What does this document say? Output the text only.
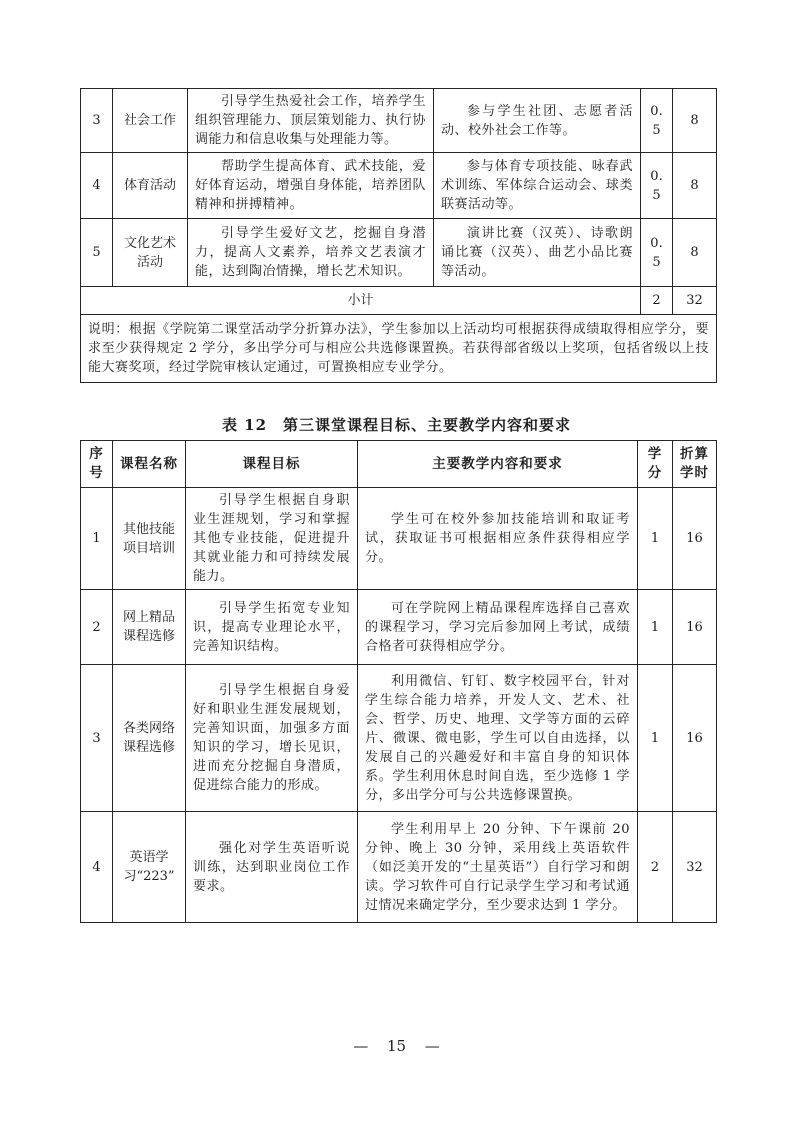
3	社会工作	引导学生热爱社会工作，培养学生组织管理能力、顶层策划能力、执行协调能力和信息收集与处理能力等。	参与学生社团、志愿者活动、校外社会工作等。	0.5	8
4	体育活动	帮助学生提高体育、武术技能，爱好体育运动，增强自身体能，培养团队精神和拼搏精神。	参与体育专项技能、咏春武术训练、军体综合运动会、球类联赛活动等。	0.5	8
5	文化艺术活动	引导学生爱好文艺，挖掘自身潜力，提高人文素养，培养文艺表演才能，达到陶冶情操，增长艺术知识。	演讲比赛（汉英）、诗歌朗诵比赛（汉英）、曲艺小品比赛等活动。	0.5	8
小计				2	32
说明：根据《学院第二课堂活动学分折算办法》，学生参加以上活动均可根据获得成绩取得相应学分，要求至少获得规定 2 学分，多出学分可与相应公共选修课置换。若获得部省级以上奖项，包括省级以上技能大赛奖项，经过学院审核认定通过，可置换相应专业学分。					
表 12　第三课堂课程目标、主要教学内容和要求
序号	课程名称	课程目标	主要教学内容和要求	学分	折算学时
1	其他技能项目培训	引导学生根据自身职业生涯规划，学习和掌握其他专业技能，促进提升其就业能力和可持续发展能力。	学生可在校外参加技能培训和取证考试，获取证书可根据相应条件获得相应学分。	1	16
2	网上精品课程选修	引导学生拓宽专业知识，提高专业理论水平，完善知识结构。	可在学院网上精品课程库选择自己喜欢的课程学习，学习完后参加网上考试，成绩合格者可获得相应学分。	1	16
3	各类网络课程选修	引导学生根据自身爱好和职业生涯发展规划，完善知识面，加强多方面知识的学习，增长见识，进而充分挖掘自身潜质，促进综合能力的形成。	利用微信、钉钉、数字校园平台，针对学生综合能力培养，开发人文、艺术、社会、哲学、历史、地理、文学等方面的云碎片、微课、微电影，学生可以自由选择，以发展自己的兴趣爱好和丰富自身的知识体系。学生利用休息时间自选，至少选修 1 学分，多出学分可与公共选修课置换。	1	16
4	英语学习“223”	强化对学生英语听说训练，达到职业岗位工作要求。	学生利用早上 20 分钟、下午课前 20 分钟、晚上 30 分钟，采用线上英语软件（如泛美开发的“土星英语”）自行学习和朗读。学习软件可自行记录学生学习和考试通过情况来确定学分，至少要求达到 1 学分。	2	32
— 15 —
